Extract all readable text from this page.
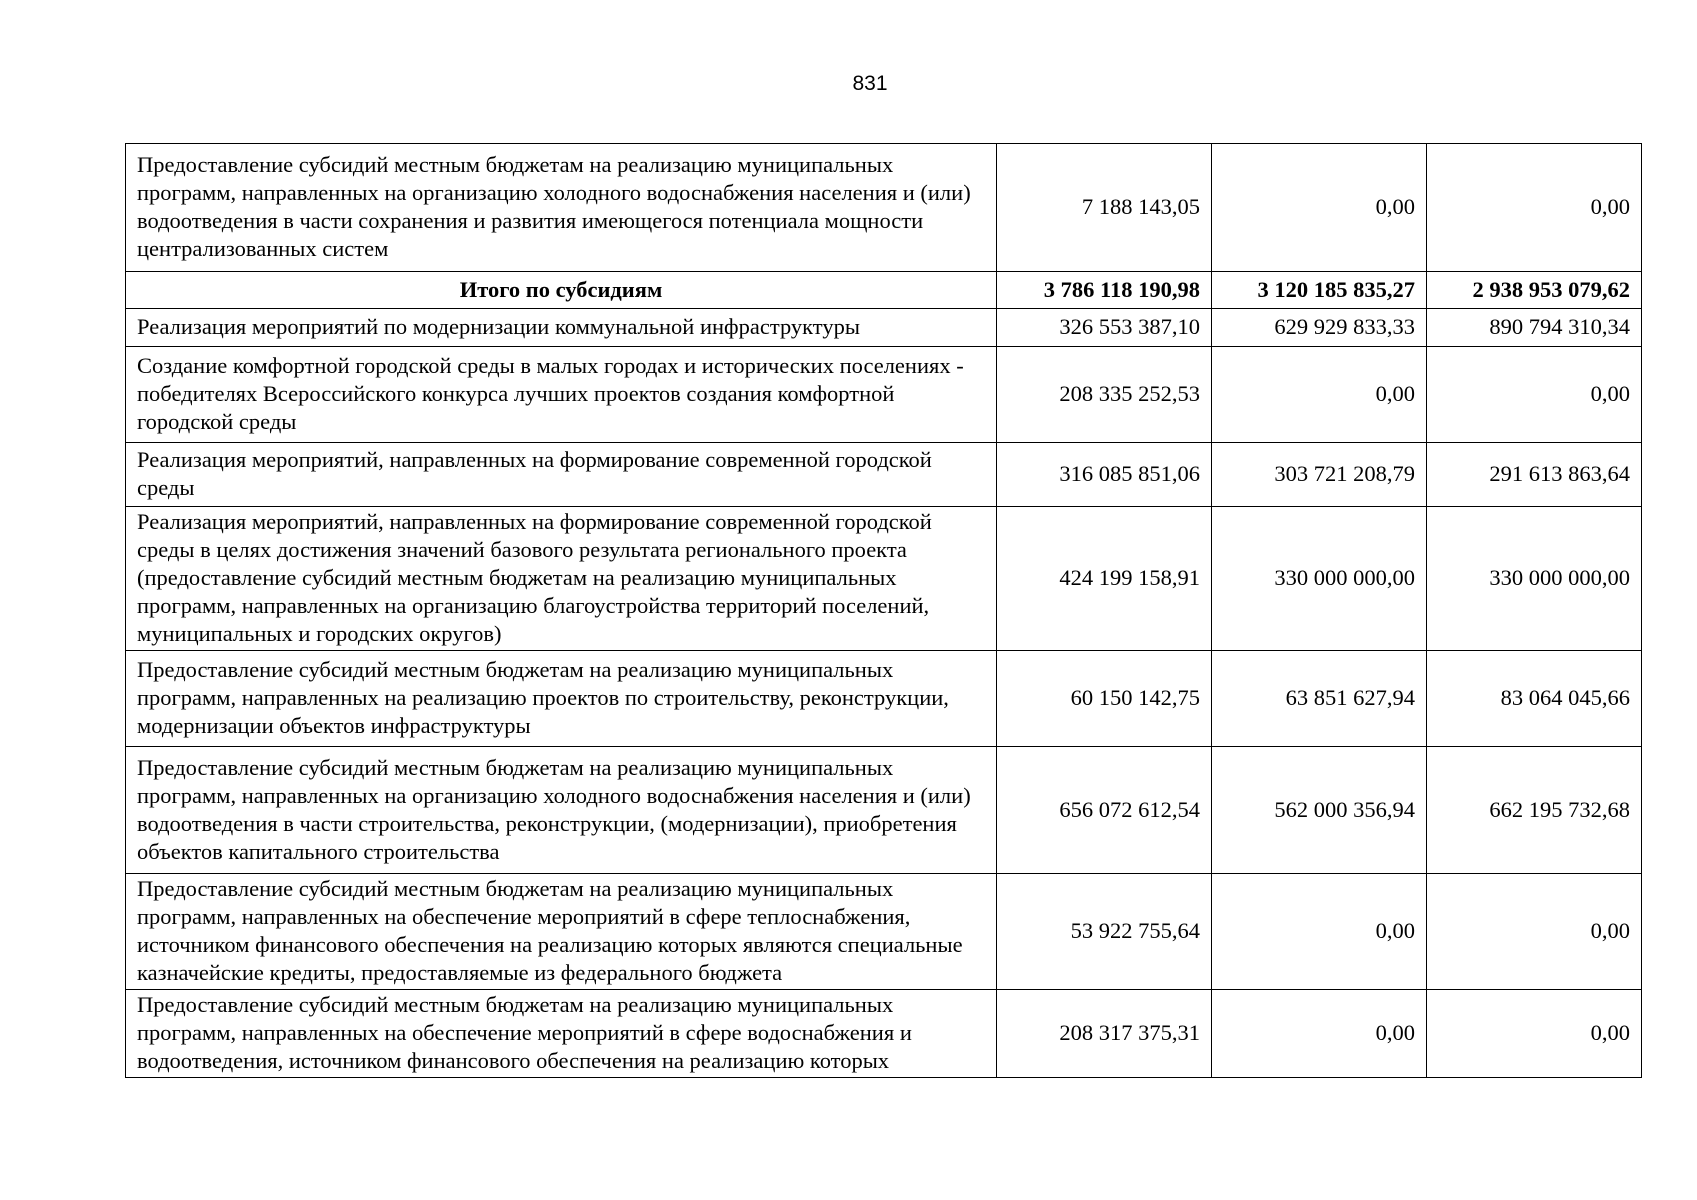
831
Предоставление субсидий местным бюджетам на реализацию муниципальных программ, направленных на организацию холодного водоснабжения населения и (или) водоотведения в части сохранения и развития имеющегося потенциала мощности централизованных систем	7 188 143,05	0,00	0,00
Итого по субсидиям	3 786 118 190,98	3 120 185 835,27	2 938 953 079,62
Реализация мероприятий по модернизации коммунальной инфраструктуры	326 553 387,10	629 929 833,33	890 794 310,34
Создание комфортной городской среды в малых городах и исторических поселениях - победителях Всероссийского конкурса лучших проектов создания комфортной городской среды	208 335 252,53	0,00	0,00
Реализация мероприятий, направленных на формирование современной городской среды	316 085 851,06	303 721 208,79	291 613 863,64
Реализация мероприятий, направленных на формирование современной городской среды в целях достижения значений базового результата регионального проекта (предоставление субсидий местным бюджетам на реализацию муниципальных программ, направленных на организацию благоустройства территорий поселений, муниципальных и городских округов)	424 199 158,91	330 000 000,00	330 000 000,00
Предоставление субсидий местным бюджетам на реализацию муниципальных программ, направленных на реализацию проектов по строительству, реконструкции, модернизации объектов инфраструктуры	60 150 142,75	63 851 627,94	83 064 045,66
Предоставление субсидий местным бюджетам на реализацию муниципальных программ, направленных на организацию холодного водоснабжения населения и (или) водоотведения в части строительства, реконструкции, (модернизации), приобретения объектов капитального строительства	656 072 612,54	562 000 356,94	662 195 732,68
Предоставление субсидий местным бюджетам на реализацию муниципальных программ, направленных на обеспечение мероприятий в сфере теплоснабжения, источником финансового обеспечения на реализацию которых являются специальные казначейские кредиты, предоставляемые из федерального бюджета	53 922 755,64	0,00	0,00
Предоставление субсидий местным бюджетам на реализацию муниципальных программ, направленных на обеспечение мероприятий в сфере водоснабжения и водоотведения, источником финансового обеспечения на реализацию которых	208 317 375,31	0,00	0,00
